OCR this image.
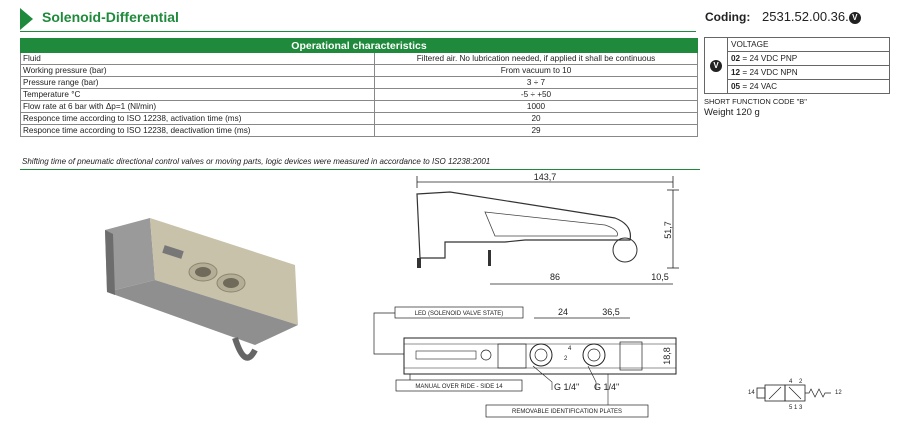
Solenoid-Differential	Coding: 2531.52.00.36. V
Operational characteristics	
Fluid	Filtered air. No lubrication needed, if applied it shall be continuous
Working pressure (bar)	From vacuum to 10
Pressure range (bar)	3 ÷ 7
Temperature °C	-5 ÷ +50
Flow rate at 6 bar with Δp=1 (Nl/min)	1000
Responce time according to ISO 12238, activation time (ms)	20
Responce time according to ISO 12238, deactivation time (ms)	29
Shifting time of pneumatic directional control valves or moving parts, logic devices were measured in accordance to ISO 12238:2001
V	VOLTAGE
02 = 24 VDC PNP
12 = 24 VDC NPN
05 = 24 VAC
SHORT FUNCTION CODE "B"
Weight 120 g
143,7
51,7
86	10,5
LED (SOLENOID VALVE STATE)	24	36,5
2
4	18,8
G 1/4" G 1/4"
MANUAL OVER RIDE - SIDE 14
REMOVABLE IDENTIFICATION PLATES
14	12
4 2
5 1 3
